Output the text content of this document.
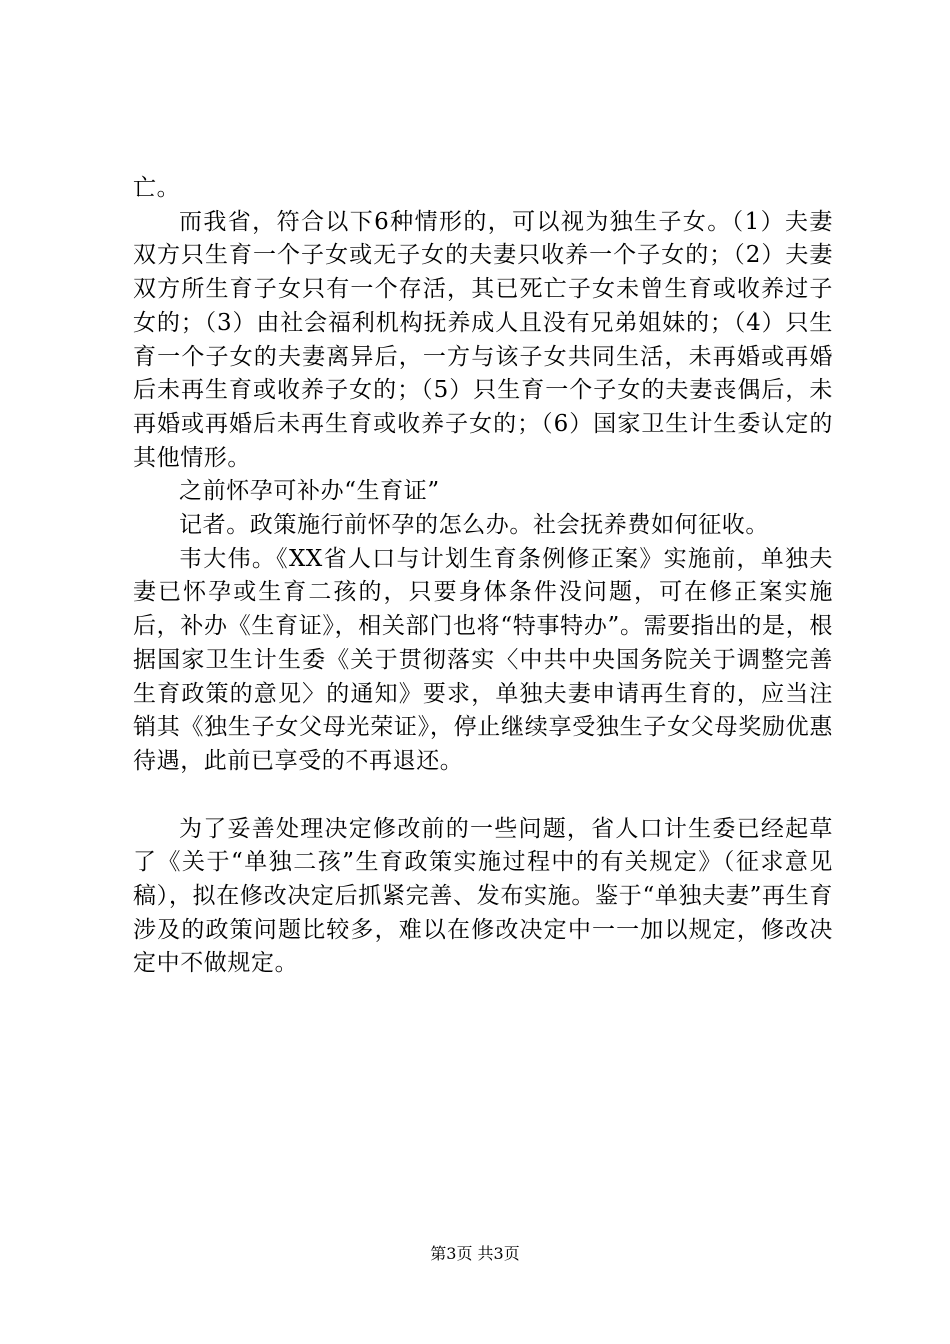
亡。

而我省，符合以下6种情形的，可以视为独生子女。（1）夫妻双方只生育一个子女或无子女的夫妻只收养一个子女的；（2）夫妻双方所生育子女只有一个存活，其已死亡子女未曾生育或收养过子女的；（3）由社会福利机构抚养成人且没有兄弟姐妹的；（4）只生育一个子女的夫妻离异后，一方与该子女共同生活，未再婚或再婚后未再生育或收养子女的；（5）只生育一个子女的夫妻丧偶后，未再婚或再婚后未再生育或收养子女的；（6）国家卫生计生委认定的其他情形。

之前怀孕可补办“生育证”

记者。政策施行前怀孕的怎么办。社会抚养费如何征收。

韦大伟。《XX省人口与计划生育条例修正案》实施前，单独夫妻已怀孕或生育二孩的，只要身体条件没问题，可在修正案实施后，补办《生育证》，相关部门也将“特事特办”。需要指出的是，根据国家卫生计生委《关于贯彻落实〈中共中央国务院关于调整完善生育政策的意见〉的通知》要求，单独夫妻申请再生育的，应当注销其《独生子女父母光荣证》，停止继续享受独生子女父母奖励优惠待遇，此前已享受的不再退还。

为了妥善处理决定修改前的一些问题，省人口计生委已经起草了《关于“单独二孩”生育政策实施过程中的有关规定》（征求意见稿），拟在修改决定后抓紧完善、发布实施。鉴于“单独夫妻”再生育涉及的政策问题比较多，难以在修改决定中一一加以规定，修改决定中不做规定。

第3页 共3页
